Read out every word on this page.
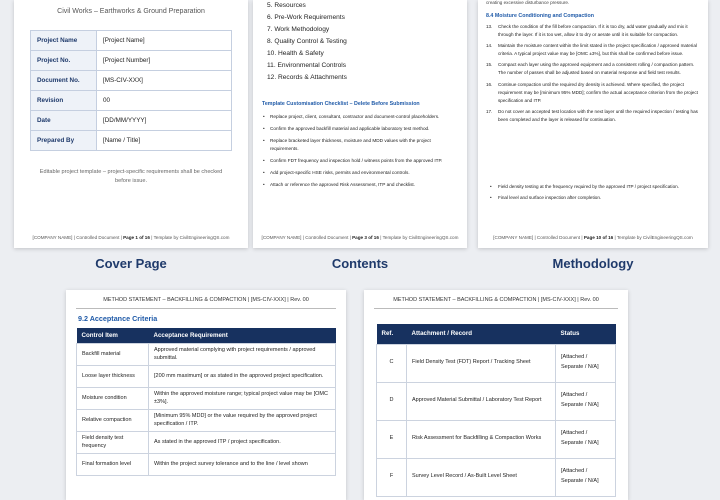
Civil Works – Earthworks & Ground Preparation
Project Name	[Project Name]
Project No.	[Project Number]
Document No.	[MS-CIV-XXX]
Revision	00
Date	[DD/MM/YYYY]
Prepared By	[Name / Title]
Editable project template – project-specific requirements shall be checked before issue.
[COMPANY NAME] | Controlled Document | Page 1 of 16 | Template by CivilEngineeringQS.com
Cover Page
5. Resources
6. Pre-Work Requirements
7. Work Methodology
8. Quality Control & Testing
10. Health & Safety
11. Environmental Controls
12. Records & Attachments
Template Customisation Checklist – Delete Before Submission
• Replace project, client, consultant, contractor and document-control placeholders.
• Confirm the approved backfill material and applicable laboratory test method.
• Replace bracketed layer thickness, moisture and MDD values with the project requirements.
• Confirm FDT frequency and inspection hold / witness points from the approved ITP.
• Add project-specific HSE risks, permits and environmental controls.
• Attach or reference the approved Risk Assessment, ITP and checklist.
[COMPANY NAME] | Controlled Document | Page 3 of 16 | Template by CivilEngineeringQS.com
Contents
creating excessive disturbance pressure.
8.4 Moisture Conditioning and Compaction
13. Check the condition of the fill before compaction. If it is too dry, add water gradually and mix it through the layer. If it is too wet, allow it to dry or aerate until it is suitable for compaction.
14. Maintain the moisture content within the limit stated in the project specification / approved material criteria. A typical project value may be [OMC ±3%], but this shall be confirmed before issue.
15. Compact each layer using the approved equipment and a consistent rolling / compaction pattern. The number of passes shall be adjusted based on material response and field test results.
16. Continue compaction until the required dry density is achieved. Where specified, the project requirement may be [minimum 95% MDD]; confirm the actual acceptance criterion from the project specification and ITP.
17. Do not cover an accepted test location with the next layer until the required inspection / testing has been completed and the layer is released for continuation.
• Field density testing at the frequency required by the approved ITP / project specification.
• Final level and surface inspection after completion.
[COMPANY NAME] | Controlled Document | Page 10 of 16 | Template by CivilEngineeringQS.com
Methodology
METHOD STATEMENT – BACKFILLING & COMPACTION | [MS-CIV-XXX] | Rev. 00
9.2 Acceptance Criteria
Control Item	Acceptance Requirement
Backfill material	Approved material complying with project requirements / approved submittal.
Loose layer thickness	[200 mm maximum] or as stated in the approved project specification.
Moisture condition	Within the approved moisture range; typical project value may be [OMC ±3%].
Relative compaction	[Minimum 95% MDD] or the value required by the approved project specification / ITP.
Field density test frequency	As stated in the approved ITP / project specification.
Final formation level	Within the project survey tolerance and to the line / level shown
METHOD STATEMENT – BACKFILLING & COMPACTION | [MS-CIV-XXX] | Rev. 00
Ref.	Attachment / Record	Status
C	Field Density Test (FDT) Report / Tracking Sheet	[Attached / Separate / N/A]
D	Approved Material Submittal / Laboratory Test Report	[Attached / Separate / N/A]
E	Risk Assessment for Backfilling & Compaction Works	[Attached / Separate / N/A]
F	Survey Level Record / As-Built Level Sheet	[Attached / Separate / N/A]
